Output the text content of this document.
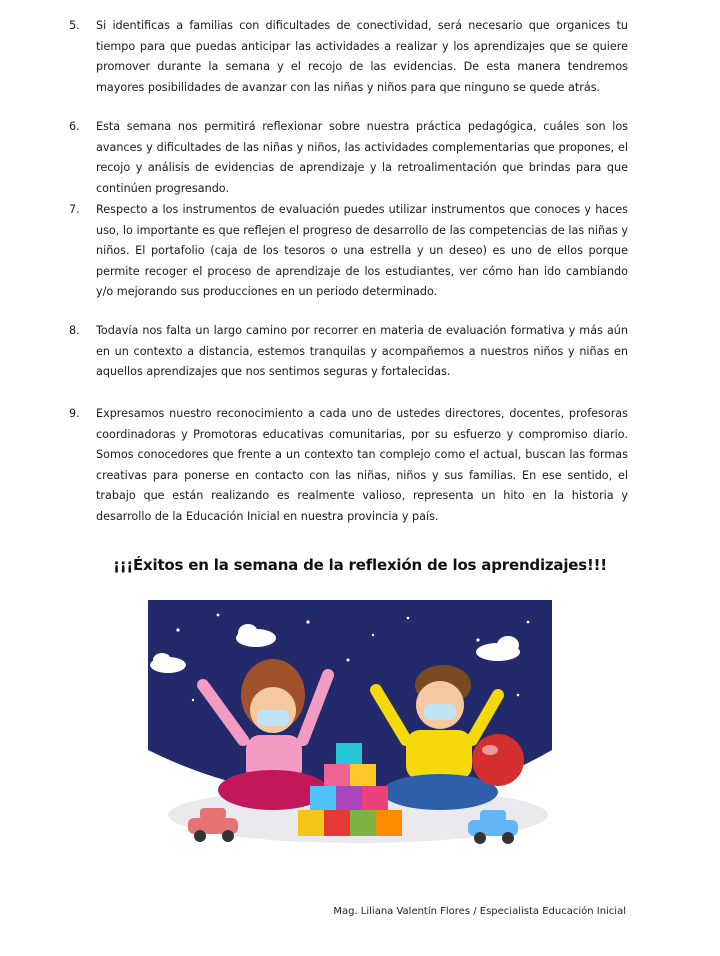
5. Si identificas a familias con dificultades de conectividad, será necesario que organices tu tiempo para que puedas anticipar las actividades a realizar y los aprendizajes que se quiere promover durante la semana y el recojo de las evidencias. De esta manera tendremos mayores posibilidades de avanzar con las niñas y niños para que ninguno se quede atrás.
6. Esta semana nos permitirá reflexionar sobre nuestra práctica pedagógica, cuáles son los avances y dificultades de las niñas y niños, las actividades complementarias que propones, el recojo y análisis de evidencias de aprendizaje y la retroalimentación que brindas para que continúen progresando.
7. Respecto a los instrumentos de evaluación puedes utilizar instrumentos que conoces y haces uso, lo importante es que reflejen el progreso de desarrollo de las competencias de las niñas y niños. El portafolio (caja de los tesoros o una estrella y un deseo) es uno de ellos porque permite recoger el proceso de aprendizaje de los estudiantes, ver cómo han ido cambiando y/o mejorando sus producciones en un periodo determinado.
8. Todavía nos falta un largo camino por recorrer en materia de evaluación formativa y más aún en un contexto a distancia, estemos tranquilas y acompañemos a nuestros niños y niñas en aquellos aprendizajes que nos sentimos seguras y fortalecidas.
9. Expresamos nuestro reconocimiento a cada uno de ustedes directores, docentes, profesoras coordinadoras y Promotoras educativas comunitarias, por su esfuerzo y compromiso diario. Somos conocedores que frente a un contexto tan complejo como el actual, buscan las formas creativas para ponerse en contacto con las niñas, niños y sus familias. En ese sentido, el trabajo que están realizando es realmente valioso, representa un hito en la historia y desarrollo de la Educación Inicial en nuestra provincia y país.
¡¡¡Éxitos en la semana de la reflexión de los aprendizajes!!!
Mag. Liliana Valentín Flores / Especialista Educación Inicial
